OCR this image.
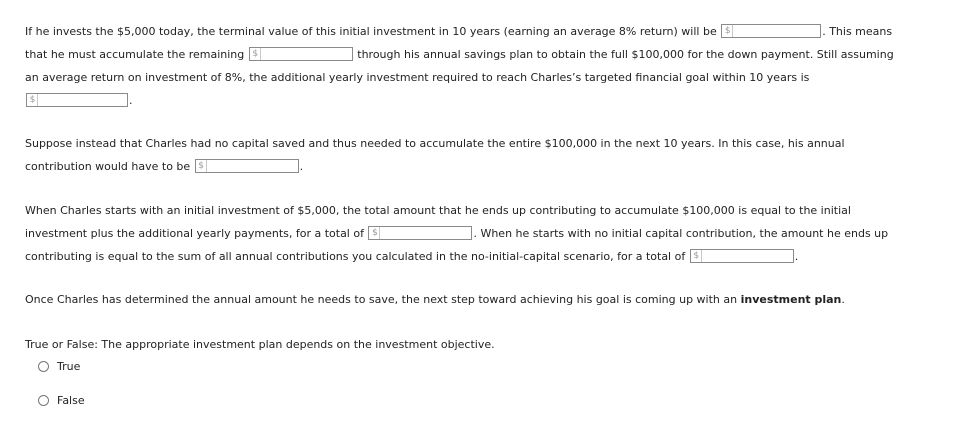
If he invests the $5,000 today, the terminal value of this initial investment in 10 years (earning an average 8% return) will be $	. This means that he must accumulate the remaining $	through his annual savings plan to obtain the full $100,000 for the down payment. Still assuming an average return on investment of 8%, the additional yearly investment required to reach Charles’s targeted financial goal within 10 years is
$	.

Suppose instead that Charles had no capital saved and thus needed to accumulate the entire $100,000 in the next 10 years. In this case, his annual contribution would have to be $	.

When Charles starts with an initial investment of $5,000, the total amount that he ends up contributing to accumulate $100,000 is equal to the initial investment plus the additional yearly payments, for a total of $	. When he starts with no initial capital contribution, the amount he ends up contributing is equal to the sum of all annual contributions you calculated in the no-initial-capital scenario, for a total of $	.

Once Charles has determined the annual amount he needs to save, the next step toward achieving his goal is coming up with an investment plan.

True or False: The appropriate investment plan depends on the investment objective.

True
False
